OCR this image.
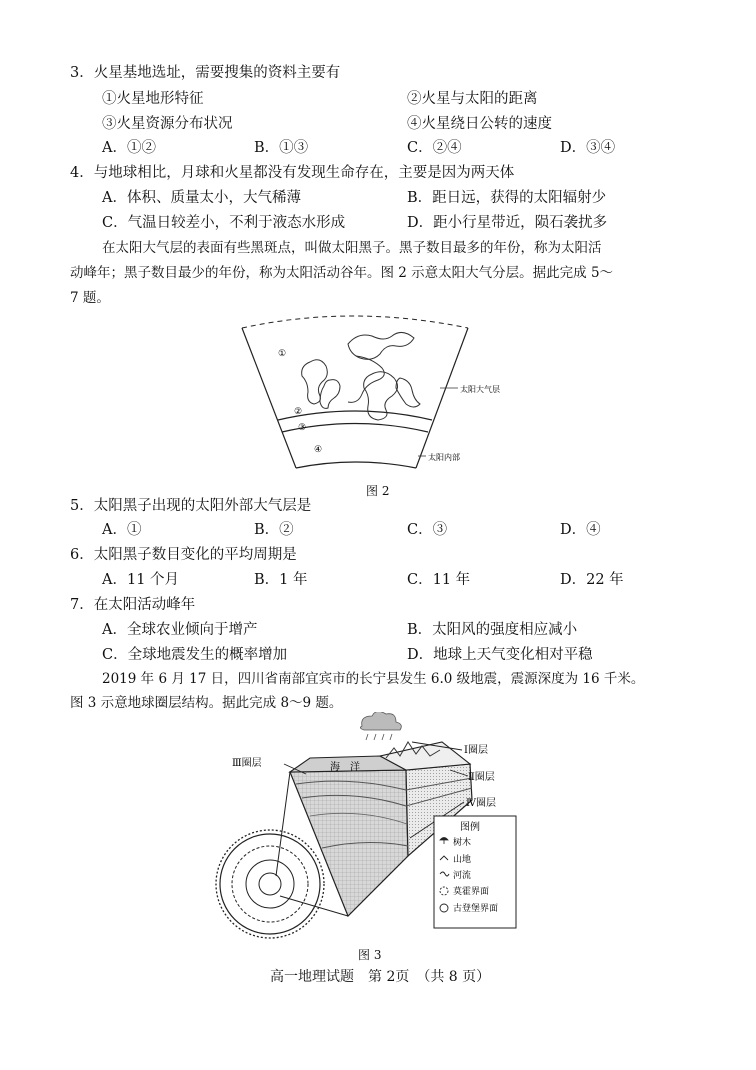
3．火星基地选址，需要搜集的资料主要有
①火星地形特征	②火星与太阳的距离
③火星资源分布状况	④火星绕日公转的速度
A．①②	B．①③	C．②④	D．③④
4．与地球相比，月球和火星都没有发现生命存在，主要是因为两天体
A．体积、质量太小，大气稀薄	B．距日远，获得的太阳辐射少
C．气温日较差小，不利于液态水形成	D．距小行星带近，陨石袭扰多
在太阳大气层的表面有些黑斑点，叫做太阳黑子。黑子数目最多的年份，称为太阳活
动峰年；黑子数目最少的年份，称为太阳活动谷年。图 2 示意太阳大气分层。据此完成 5～
7 题。
①
②
③
④
太阳大气层
太阳内部
图 2
5．太阳黑子出现的太阳外部大气层是
A．①	B．②	C．③	D．④
6．太阳黑子数目变化的平均周期是
A．11 个月	B．1 年	C．11 年	D．22 年
7．在太阳活动峰年
A．全球农业倾向于增产	B．太阳风的强度相应减小
C．全球地震发生的概率增加	D．地球上天气变化相对平稳
2019 年 6 月 17 日，四川省南部宜宾市的长宁县发生 6.0 级地震，震源深度为 16 千米。
图 3 示意地球圈层结构。据此完成 8～9 题。
海　洋
Ⅰ圈层
Ⅱ圈层
Ⅲ圈层
Ⅳ圈层
图例
树木
山地
河流
莫霍界面
古登堡界面
图 3
高一地理试题　第 2页　（共 8 页）
